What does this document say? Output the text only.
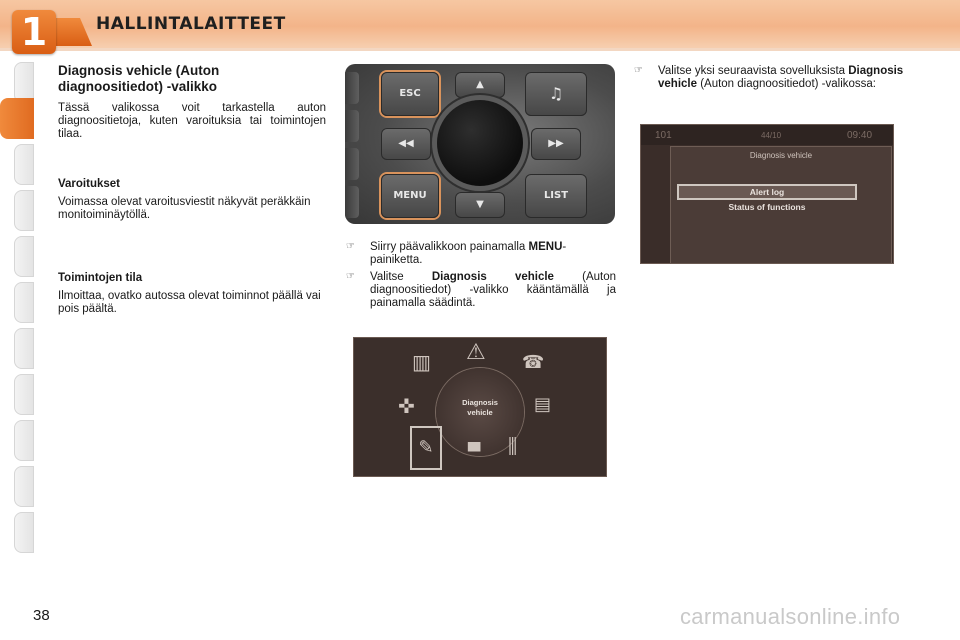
1	HALLINTALAITTEET
Diagnosis vehicle (Auton diagnoositiedot) -valikko
Tässä valikossa voit tarkastella auton diagnoositietoja, kuten varoituksia tai toimintojen tilaa.
Varoitukset
Voimassa olevat varoitusviestit näkyvät peräkkäin monitoiminäytöllä.
Toimintojen tila
Ilmoittaa, ovatko autossa olevat toiminnot päällä vai pois päältä.
ESC
▲	♫
◀◀	▶▶
MENU
▼
LIST
☞ Siirry päävalikkoon painamalla MENU-painiketta.
☞ Valitse Diagnosis vehicle (Auton diagnoositiedot) -valikko kääntämällä ja painamalla säädintä.
Diagnosis
vehicle
▥ ⚠ ☎
✜	▤
✎	▀ ⫼
☞ Valitse yksi seuraavista sovelluksista Diagnosis vehicle (Auton diagnoositiedot) -valikossa:
101	44/10	09:40
Diagnosis vehicle
Alert log
Status of functions
38	carmanualsonline.info
